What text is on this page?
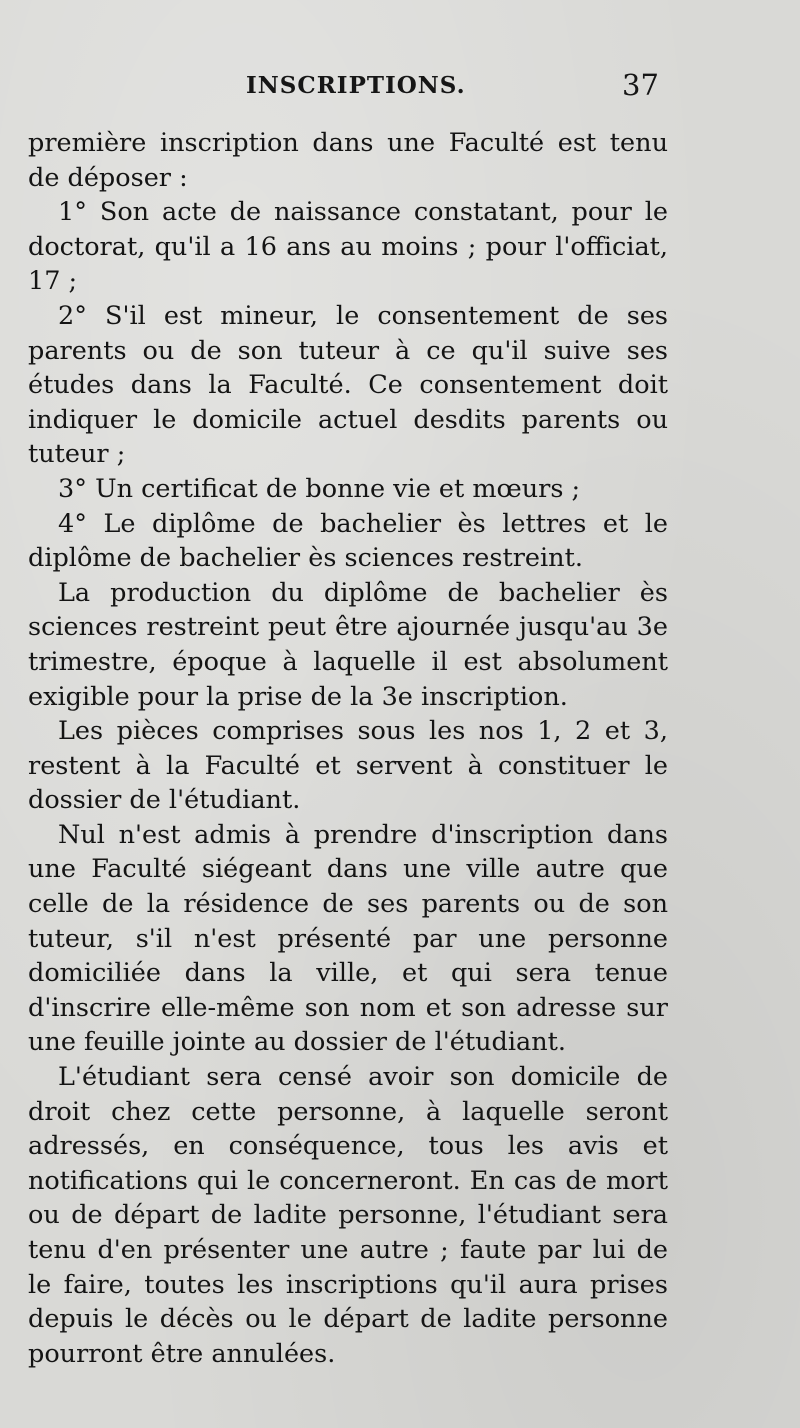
INSCRIPTIONS.	37

première inscription dans une Faculté est tenu de déposer :

1° Son acte de naissance constatant, pour le doctorat, qu'il a 16 ans au moins ; pour l'officiat, 17 ;

2° S'il est mineur, le consentement de ses parents ou de son tuteur à ce qu'il suive ses études dans la Faculté. Ce consentement doit indiquer le domicile actuel desdits parents ou tuteur ;

3° Un certificat de bonne vie et mœurs ;

4° Le diplôme de bachelier ès lettres et le diplôme de bachelier ès sciences restreint.

La production du diplôme de bachelier ès sciences restreint peut être ajournée jusqu'au 3e trimestre, époque à laquelle il est absolument exigible pour la prise de la 3e inscription.

Les pièces comprises sous les nos 1, 2 et 3, restent à la Faculté et servent à constituer le dossier de l'étudiant.

Nul n'est admis à prendre d'inscription dans une Faculté siégeant dans une ville autre que celle de la résidence de ses parents ou de son tuteur, s'il n'est présenté par une personne domiciliée dans la ville, et qui sera tenue d'inscrire elle-même son nom et son adresse sur une feuille jointe au dossier de l'étudiant.

L'étudiant sera censé avoir son domicile de droit chez cette personne, à laquelle seront adressés, en conséquence, tous les avis et notifications qui le concerneront. En cas de mort ou de départ de ladite personne, l'étudiant sera tenu d'en présenter une autre ; faute par lui de le faire, toutes les inscriptions qu'il aura prises depuis le décès ou le départ de ladite personne pourront être annulées.
